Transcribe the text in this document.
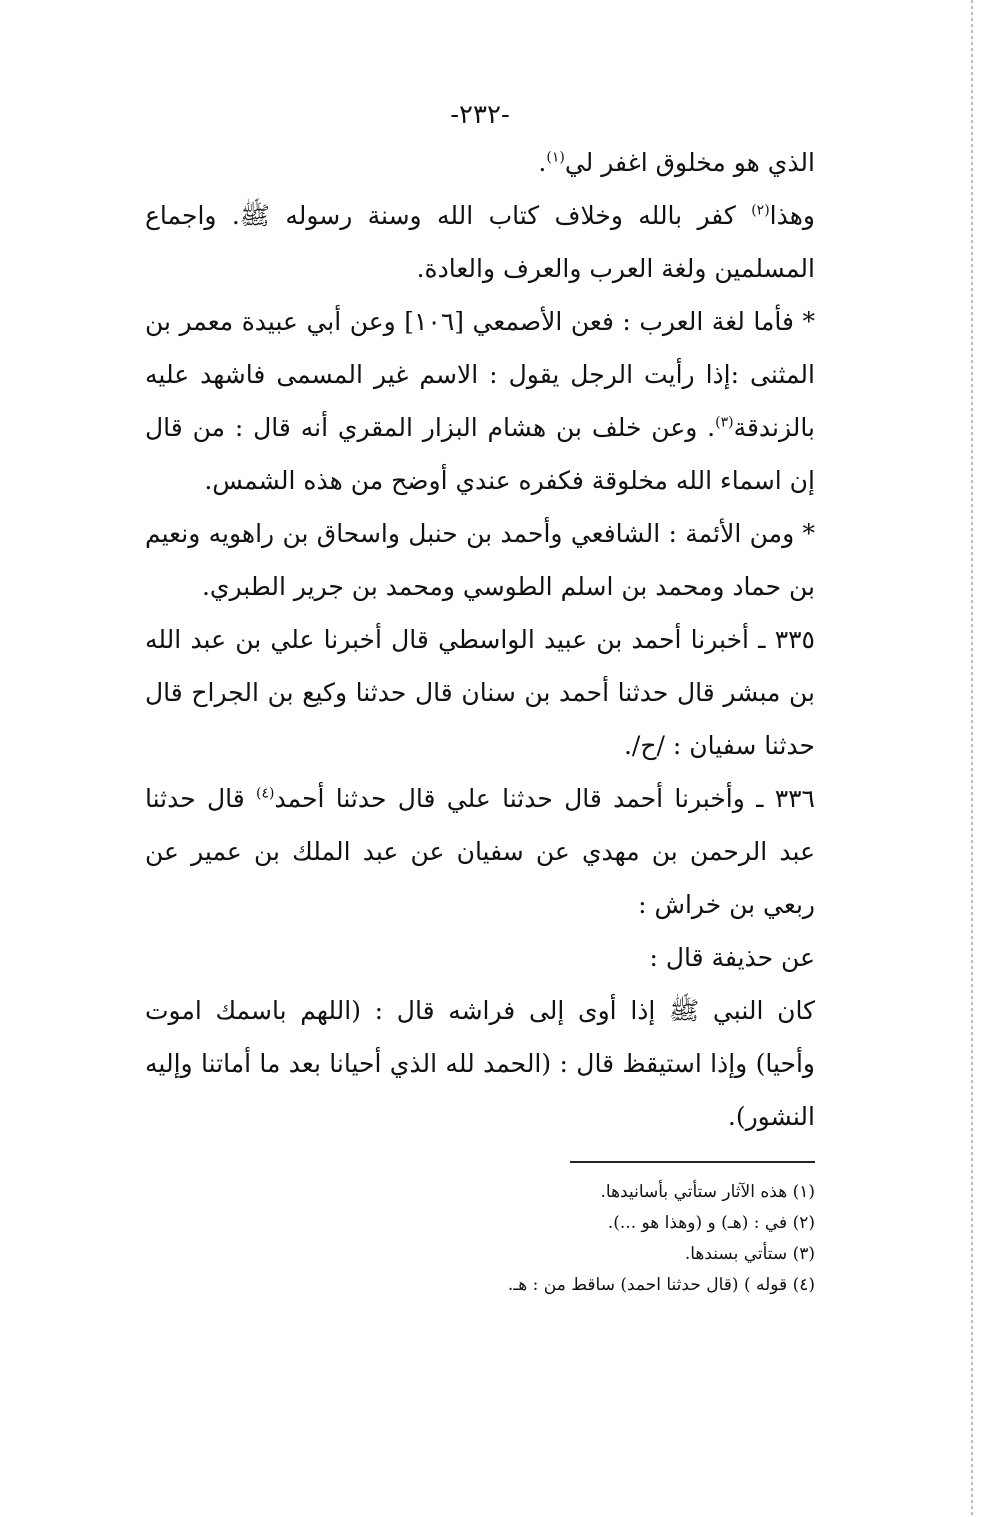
-٢٣٢-

الذي هو مخلوق اغفر لي$^{(١)}$.

وهذا$^{(٢)}$ كفر بالله وخلاف كتاب الله وسنة رسوله ﷺ. واجماع المسلمين ولغة العرب والعرف والعادة.

* فأما لغة العرب : فعن الأصمعي [١٠٦] وعن أبي عبيدة معمر بن المثنى :إذا رأيت الرجل يقول : الاسم غير المسمى فاشهد عليه بالزندقة$^{(٣)}$. وعن خلف بن هشام البزار المقري أنه قال : من قال إن اسماء الله مخلوقة فكفره عندي أوضح من هذه الشمس.

* ومن الأئمة : الشافعي وأحمد بن حنبل واسحاق بن راهويه ونعيم بن حماد ومحمد بن اسلم الطوسي ومحمد بن جرير الطبري.

٣٣٥ ـ أخبرنا أحمد بن عبيد الواسطي قال أخبرنا علي بن عبد الله بن مبشر قال حدثنا أحمد بن سنان قال حدثنا وكيع بن الجراح قال حدثنا سفيان : /ح/.

٣٣٦ ـ وأخبرنا أحمد قال حدثنا علي قال حدثنا أحمد$^{(٤)}$ قال حدثنا عبد الرحمن بن مهدي عن سفيان عن عبد الملك بن عمير عن ربعي بن خراش :

عن حذيفة قال :

كان النبي ﷺ إذا أوى إلى فراشه قال : (اللهم باسمك اموت وأحيا) وإذا استيقظ قال : (الحمد لله الذي أحيانا بعد ما أماتنا وإليه النشور).

(١) هذه الآثار ستأتي بأسانيدها.

(٢) في : (هـ) و (وهذا هو ...).

(٣) ستأتي بسندها.

(٤) قوله ) (قال حدثنا احمد) ساقط من : هـ.
